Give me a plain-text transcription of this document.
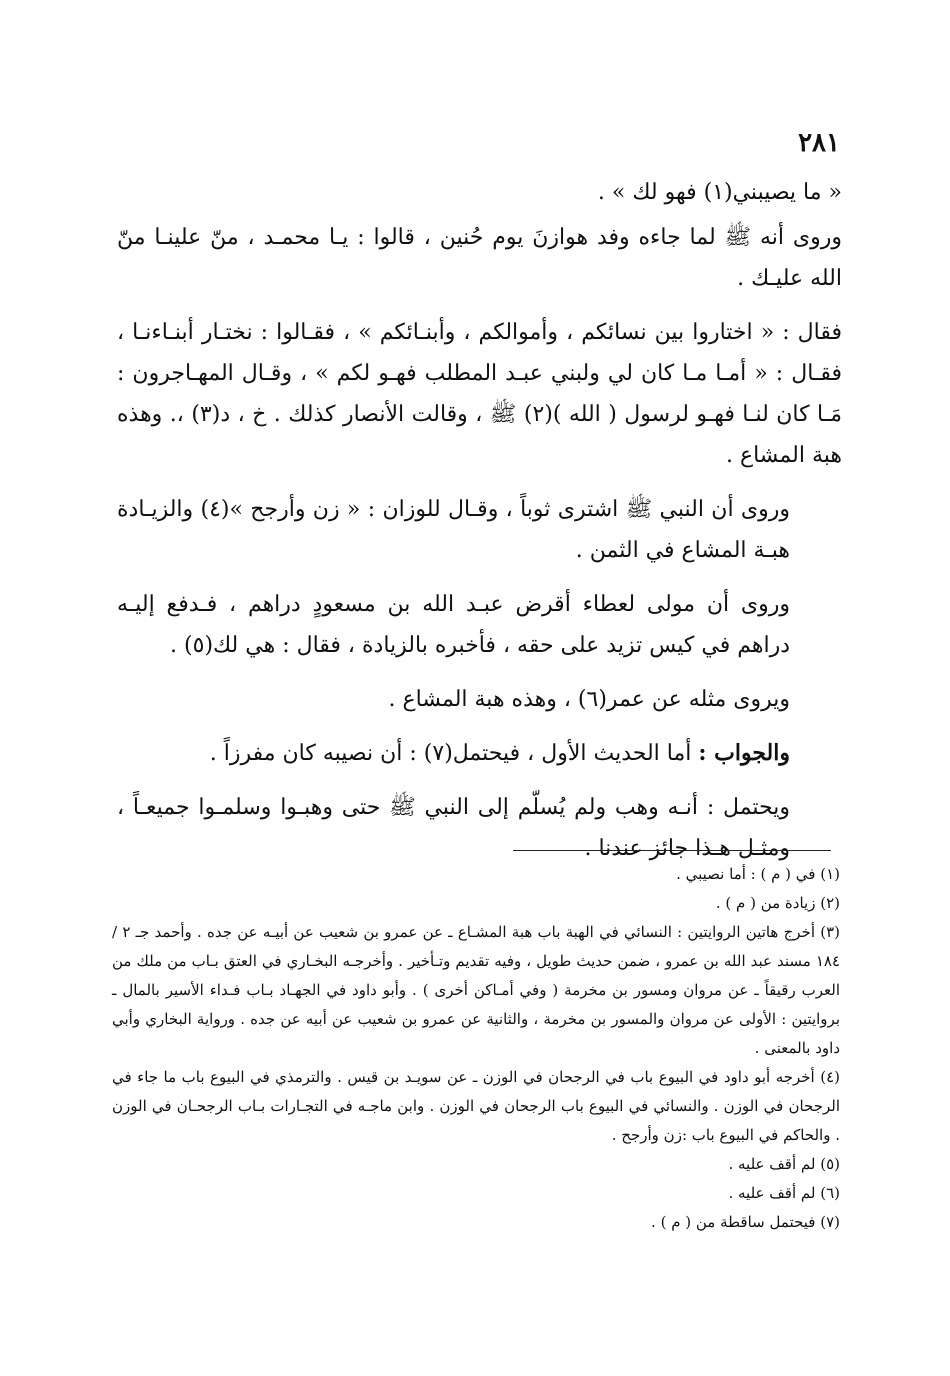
٢٨١

« ما يصيبني(١) فهو لك » .

وروى أنه ﷺ لما جاءه وفد هوازنَ يوم حُنين ، قالوا : يـا محمـد ، منّ علينـا منّ الله عليـك .

فقال : « اختاروا بين نسائكم ، وأموالكم ، وأبنـائكم » ، فقـالوا : نختـار أبنـاءنـا ، فقـال : « أمـا مـا كان لي ولبني عبـد المطلب فهـو لكم » ، وقـال المهـاجرون : مَـا كان لنـا فهـو لرسول ( الله )(٢) ﷺ ، وقالت الأنصار كذلك . خ ، د(٣) ،. وهذه هبة المشاع .

وروى أن النبي ﷺ اشترى ثوباً ، وقـال للوزان : « زن وأرجح »(٤) والزيـادة هبـة المشاع في الثمن .

وروى أن مولى لعطاء أقرض عبـد الله بن مسعودٍ دراهم ، فـدفع إليـه دراهم في كيس تزيد على حقه ، فأخبره بالزيادة ، فقال : هي لك(٥) .

ويروى مثله عن عمر(٦) ، وهذه هبة المشاع .

والجواب : أما الحديث الأول ، فيحتمل(٧) : أن نصيبه كان مفرزاً .

ويحتمل : أنـه وهب ولم يُسلّم إلى النبي ﷺ حتى وهبـوا وسلمـوا جميعـاً ، ومثـل هـذا جائز عندنا .

(١) في ( م ) : أما نصيبي .

(٢) زيادة من ( م ) .

(٣) أخرج هاتين الروايتين : النسائي في الهبة باب هبة المشـاع ـ عن عمرو بن شعيب عن أبيـه عن جده . وأحمد جـ ٢ / ١٨٤ مسند عبد الله بن عمرو ، ضمن حديث طويل ، وفيه تقديم وتـأخير . وأخرجـه البخـاري في العتق بـاب من ملك من العرب رقيقاً ـ عن مروان ومسور بن مخرمة ( وفي أمـاكن أخرى ) . وأبو داود في الجهـاد بـاب فـداء الأسير بالمال ـ بروايتين : الأولى عن مروان والمسور بن مخرمة ، والثانية عن عمرو بن شعيب عن أبيه عن جده . ورواية البخاري وأبي داود بالمعنى .

(٤) أخرجه أبو داود في البيوع باب في الرجحان في الوزن ـ عن سويـد بن قيس . والترمذي في البيوع باب ما جاء في الرجحان في الوزن . والنسائي في البيوع باب الرجحان في الوزن . وابن ماجـه في التجـارات بـاب الرجحـان في الوزن . والحاكم في البيوع باب :زن وأرجح .

(٥) لم أقف عليه .

(٦) لم أقف عليه .

(٧) فيحتمل ساقطة من ( م ) .
